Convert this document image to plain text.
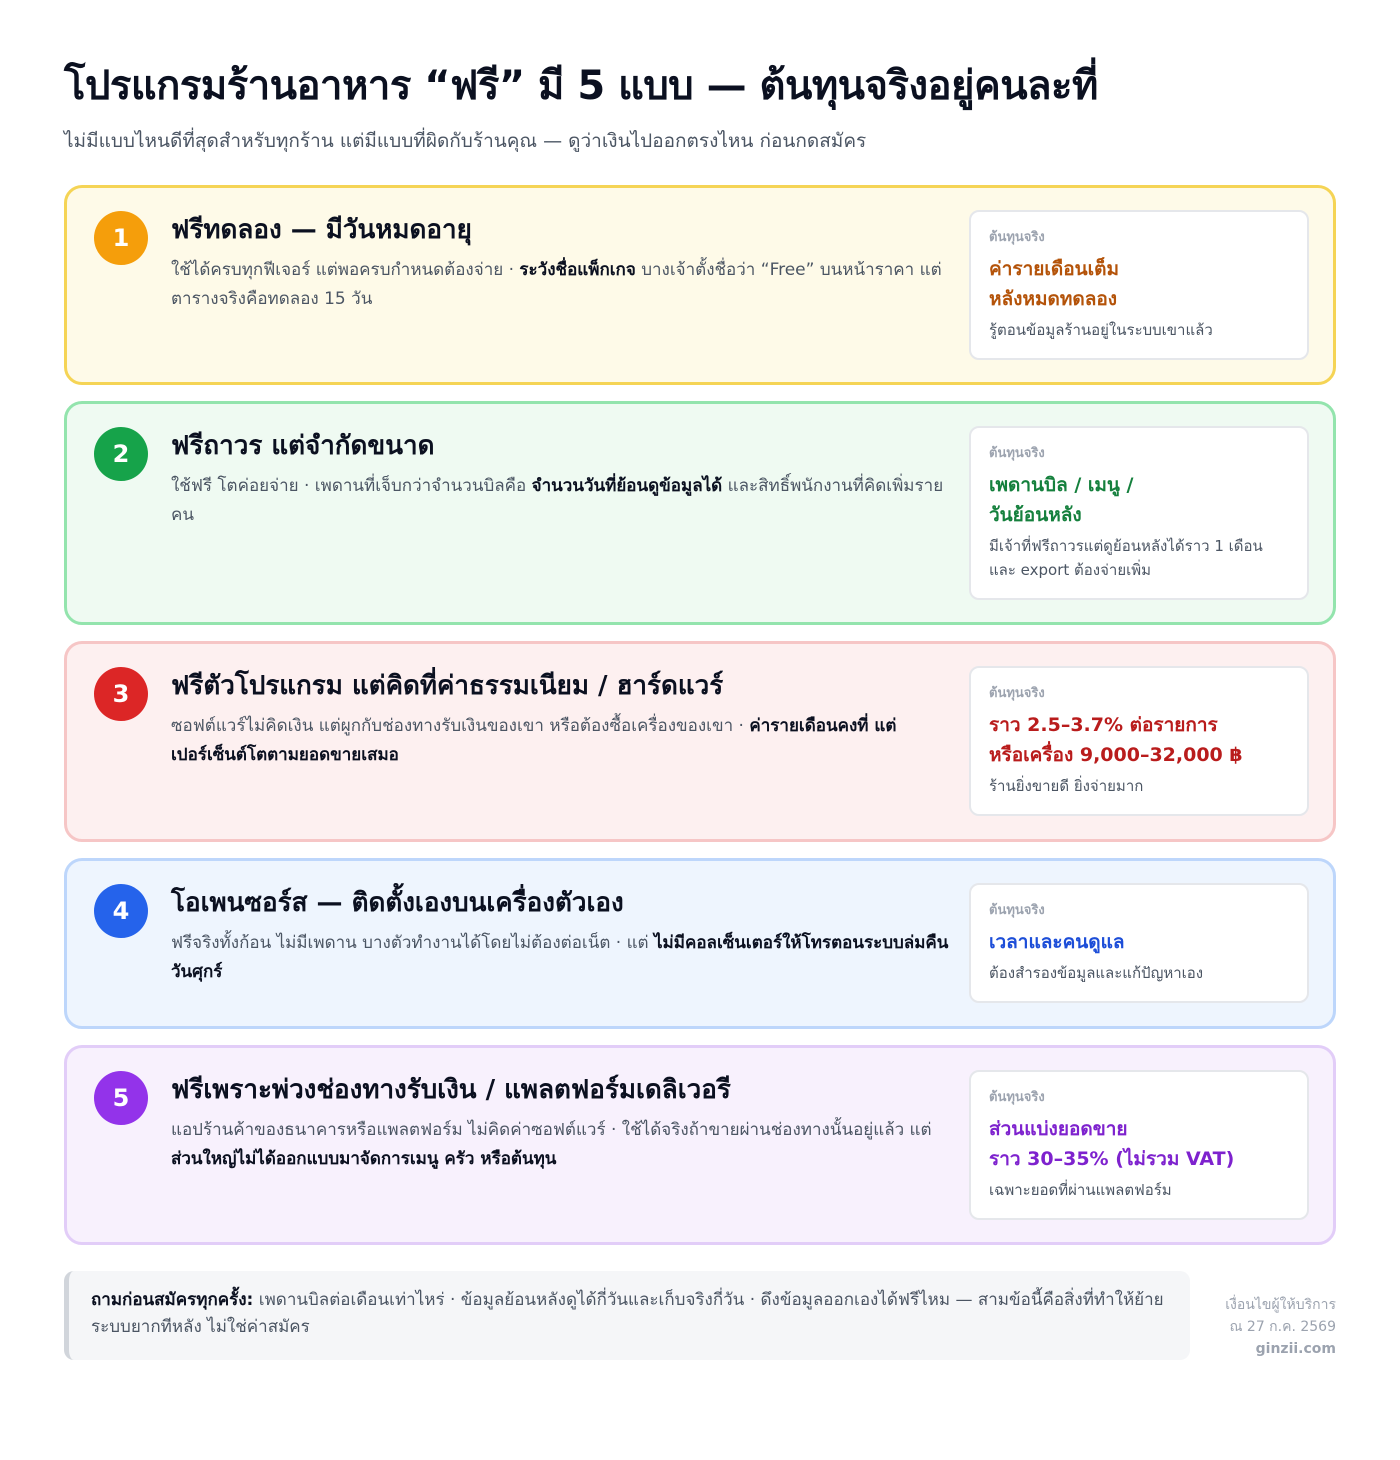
โปรแกรมร้านอาหาร “ฟรี” มี 5 แบบ — ต้นทุนจริงอยู่คนละที่

ไม่มีแบบไหนดีที่สุดสำหรับทุกร้าน แต่มีแบบที่ผิดกับร้านคุณ — ดูว่าเงินไปออกตรงไหน ก่อนกดสมัคร

1	ฟรีทดลอง — มีวันหมดอายุ

ใช้ได้ครบทุกฟีเจอร์ แต่พอครบกำหนดต้องจ่าย · ระวังชื่อแพ็กเกจ บางเจ้าตั้งชื่อว่า “Free” บนหน้าราคา แต่ตารางจริงคือทดลอง 15 วัน

ต้นทุนจริง
ค่ารายเดือนเต็ม
หลังหมดทดลอง
รู้ตอนข้อมูลร้านอยู่ในระบบเขาแล้ว
2	ฟรีถาวร แต่จำกัดขนาด

ใช้ฟรี โตค่อยจ่าย · เพดานที่เจ็บกว่าจำนวนบิลคือ จำนวนวันที่ย้อนดูข้อมูลได้ และสิทธิ์พนักงานที่คิดเพิ่มรายคน

ต้นทุนจริง
เพดานบิล / เมนู /
วันย้อนหลัง
มีเจ้าที่ฟรีถาวรแต่ดูย้อนหลังได้ราว 1 เดือน และ export ต้องจ่ายเพิ่ม
3	ฟรีตัวโปรแกรม แต่คิดที่ค่าธรรมเนียม / ฮาร์ดแวร์

ซอฟต์แวร์ไม่คิดเงิน แต่ผูกกับช่องทางรับเงินของเขา หรือต้องซื้อเครื่องของเขา · ค่ารายเดือนคงที่ แต่เปอร์เซ็นต์โตตามยอดขายเสมอ

ต้นทุนจริง
ราว 2.5–3.7% ต่อรายการ
หรือเครื่อง 9,000–32,000 ฿
ร้านยิ่งขายดี ยิ่งจ่ายมาก
4	โอเพนซอร์ส — ติดตั้งเองบนเครื่องตัวเอง

ฟรีจริงทั้งก้อน ไม่มีเพดาน บางตัวทำงานได้โดยไม่ต้องต่อเน็ต · แต่ ไม่มีคอลเซ็นเตอร์ให้โทรตอนระบบล่มคืนวันศุกร์

ต้นทุนจริง
เวลาและคนดูแล
ต้องสำรองข้อมูลและแก้ปัญหาเอง
5	ฟรีเพราะพ่วงช่องทางรับเงิน / แพลตฟอร์มเดลิเวอรี

แอปร้านค้าของธนาคารหรือแพลตฟอร์ม ไม่คิดค่าซอฟต์แวร์ · ใช้ได้จริงถ้าขายผ่านช่องทางนั้นอยู่แล้ว แต่ ส่วนใหญ่ไม่ได้ออกแบบมาจัดการเมนู ครัว หรือต้นทุน

ต้นทุนจริง
ส่วนแบ่งยอดขาย
ราว 30–35% (ไม่รวม VAT)
เฉพาะยอดที่ผ่านแพลตฟอร์ม
ถามก่อนสมัครทุกครั้ง: เพดานบิลต่อเดือนเท่าไหร่ · ข้อมูลย้อนหลังดูได้กี่วันและเก็บจริงกี่วัน · ดึงข้อมูลออกเองได้ฟรีไหม — สามข้อนี้คือสิ่งที่ทำให้ย้ายระบบยากทีหลัง ไม่ใช่ค่าสมัคร
เงื่อนไขผู้ให้บริการ
ณ 27 ก.ค. 2569
ginzii.com
